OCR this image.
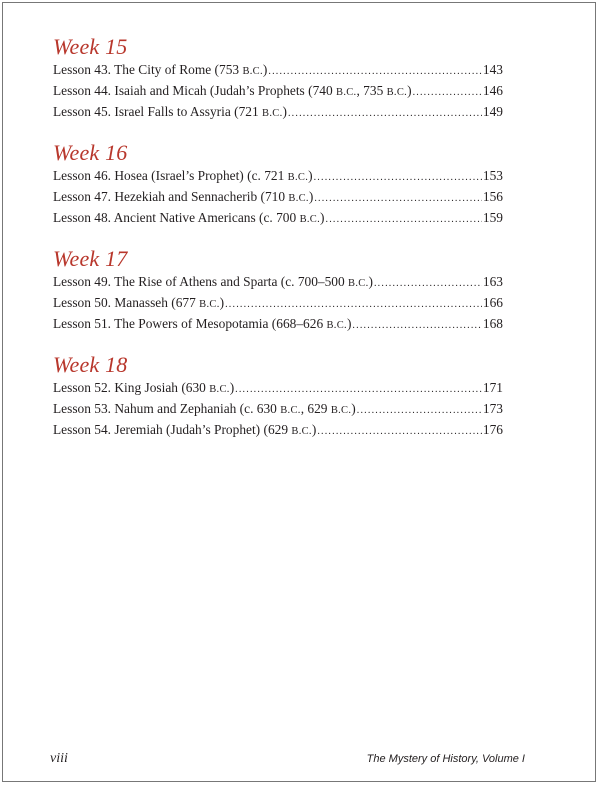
Week 15
Lesson 43. The City of Rome (753 B.C.) .....	143
Lesson 44. Isaiah and Micah (Judah’s Prophets (740 B.C., 735 B.C.) .....	146
Lesson 45. Israel Falls to Assyria (721 B.C.) .....	149
Week 16
Lesson 46. Hosea (Israel’s Prophet) (c. 721 B.C.) .....	153
Lesson 47. Hezekiah and Sennacherib (710 B.C.) .....	156
Lesson 48. Ancient Native Americans (c. 700 B.C.) .....	159
Week 17
Lesson 49. The Rise of Athens and Sparta (c. 700–500 B.C.) .....	163
Lesson 50. Manasseh (677 B.C.) .....	166
Lesson 51. The Powers of Mesopotamia (668–626 B.C.) .....	168
Week 18
Lesson 52. King Josiah (630 B.C.) .....	171
Lesson 53. Nahum and Zephaniah (c. 630 B.C., 629 B.C.) .....	173
Lesson 54. Jeremiah (Judah’s Prophet) (629 B.C.) .....	176
viii	The Mystery of History, Volume I
